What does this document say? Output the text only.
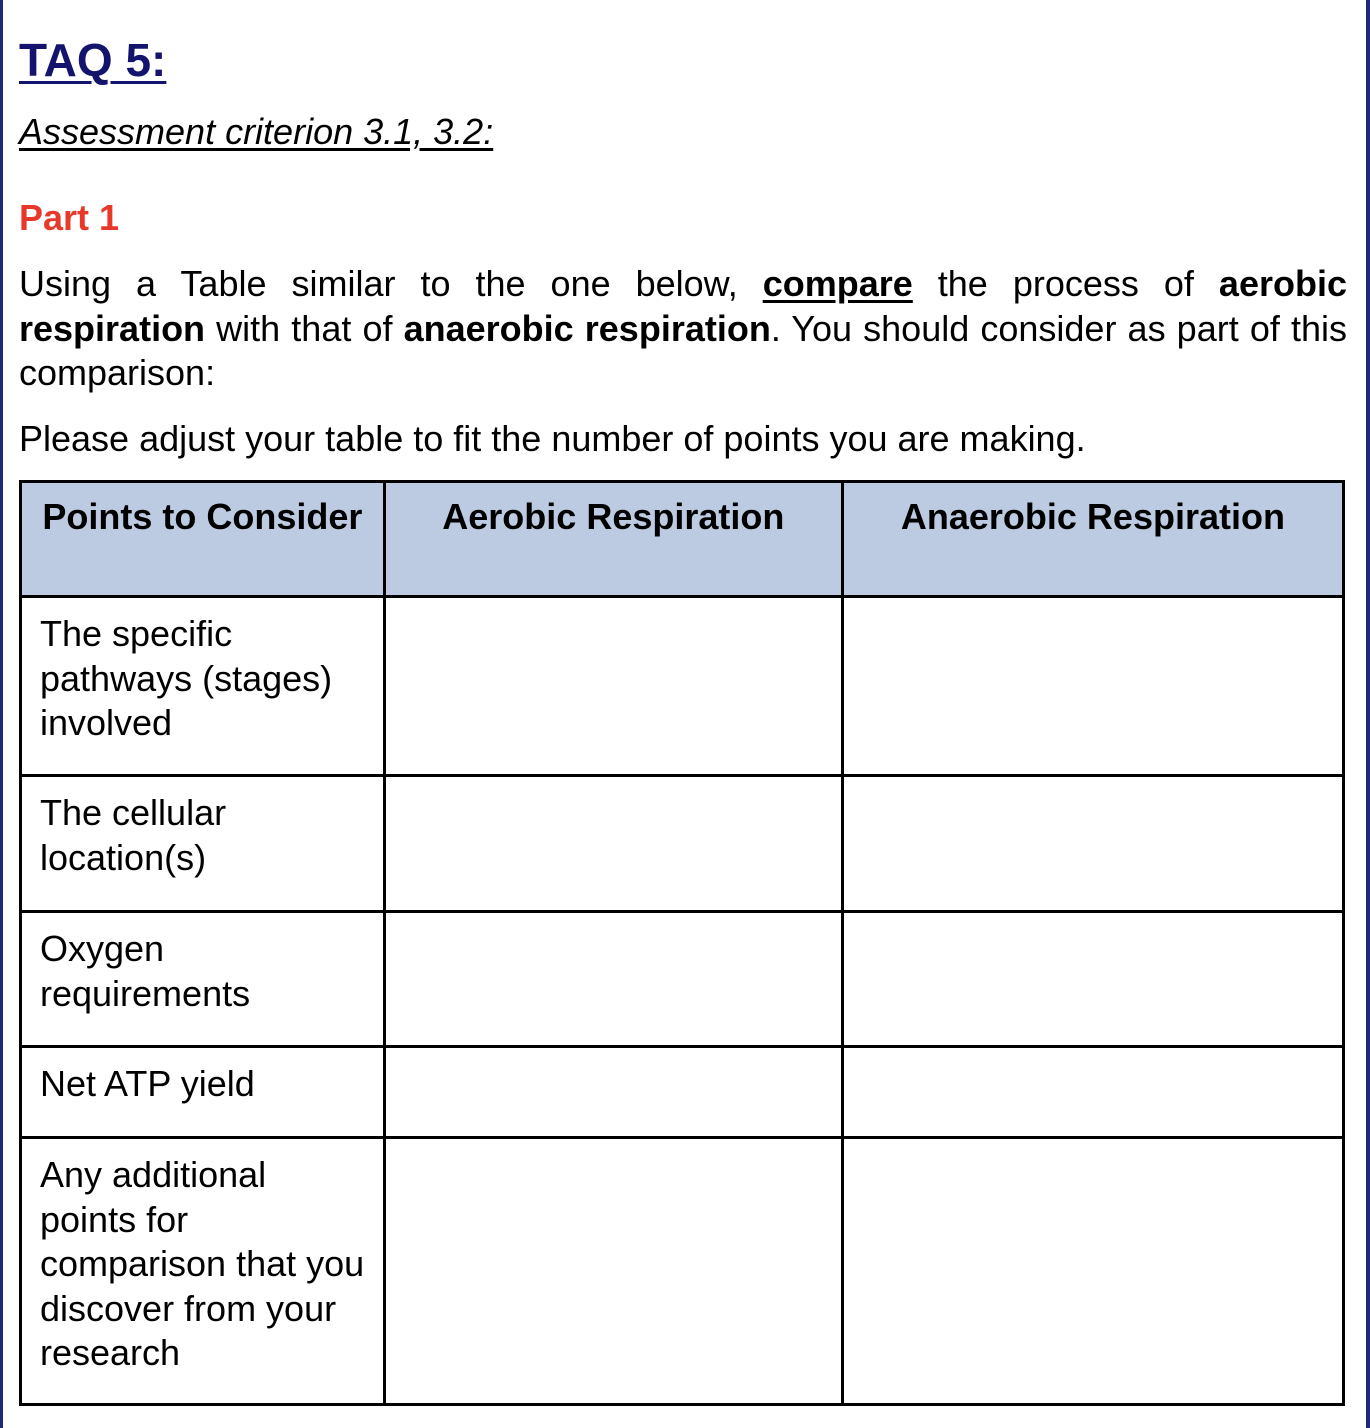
TAQ 5:
Assessment criterion 3.1, 3.2:
Part 1

Using a Table similar to the one below, compare the process of aerobic respiration with that of anaerobic respiration. You should consider as part of this comparison:

Please adjust your table to fit the number of points you are making.
Points to Consider	Aerobic Respiration	Anaerobic Respiration
The specific pathways (stages) involved		
The cellular location(s)		
Oxygen requirements		
Net ATP yield		
Any additional points for comparison that you discover from your research		
